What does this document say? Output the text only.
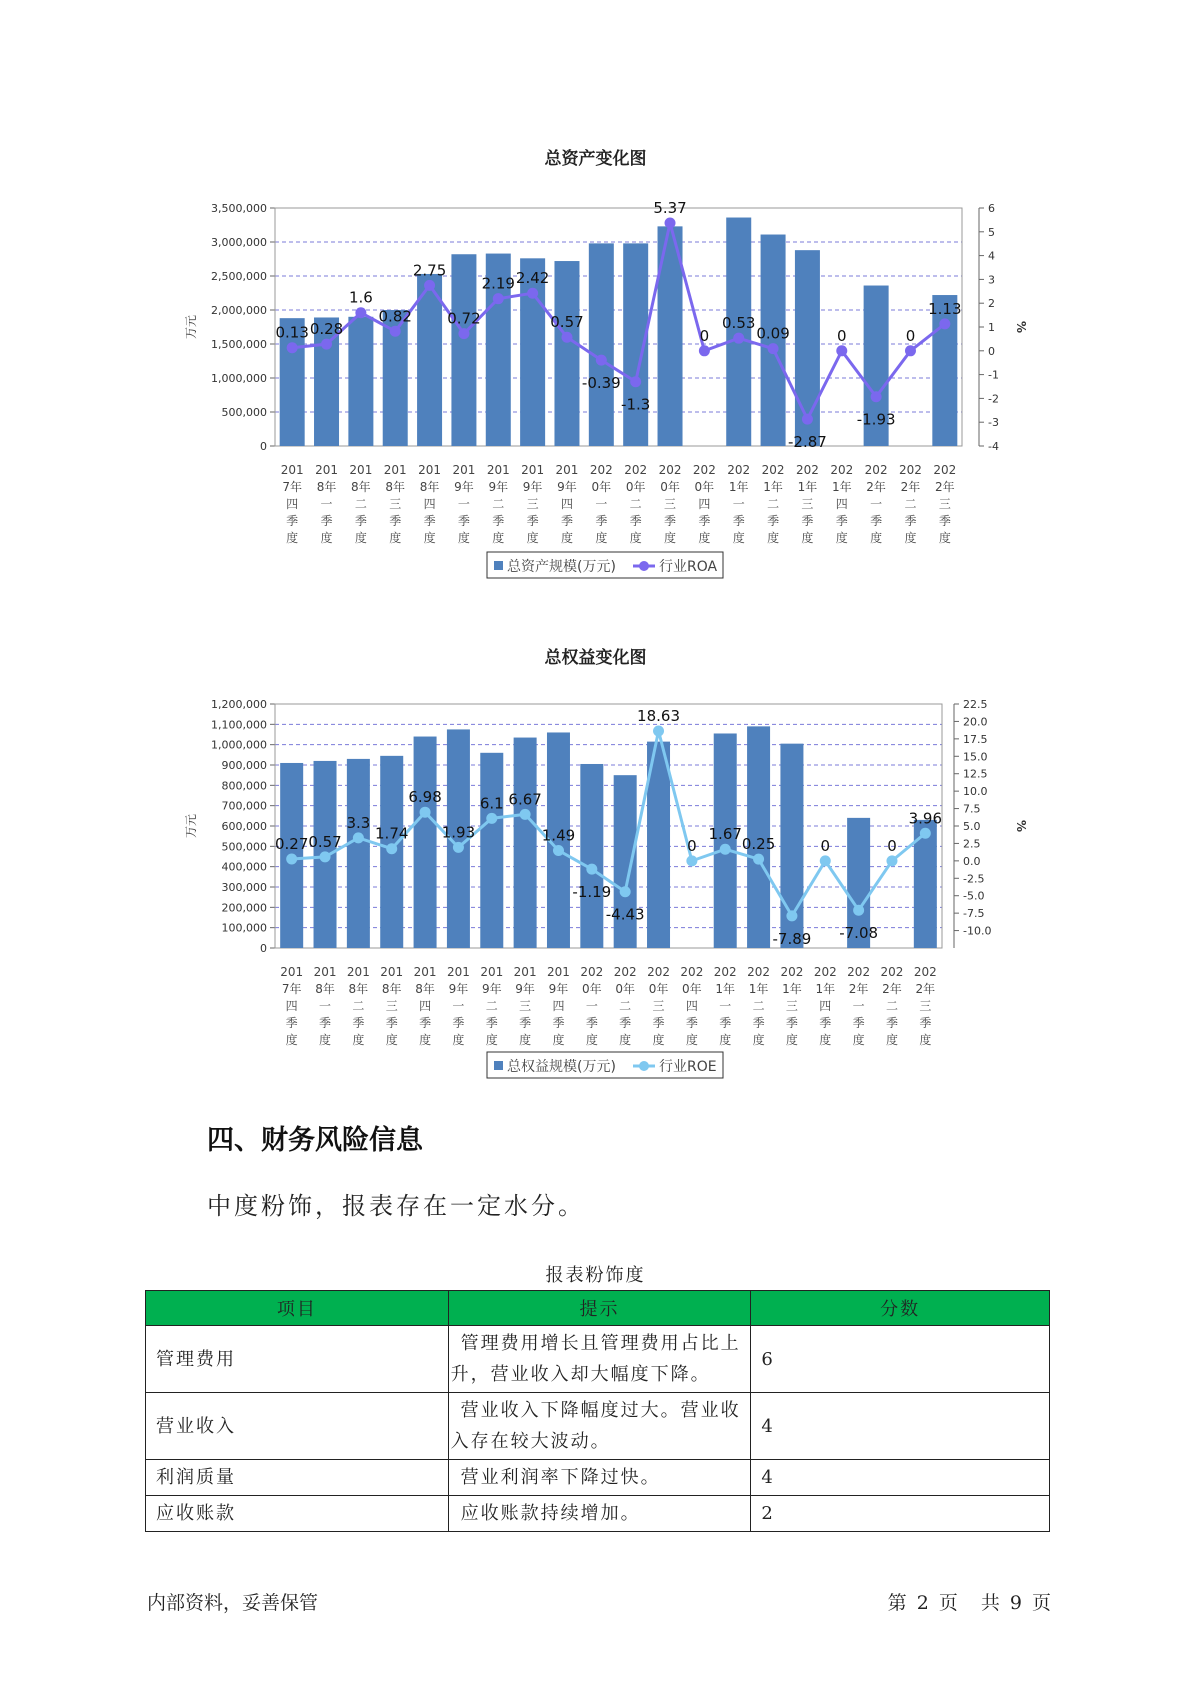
总资产变化图
0
500,000
1,000,000
1,500,000
2,000,000
2,500,000
3,000,000
3,500,000
-4
-3
-2
-1
0
1
2
3
4
5
6
万元	%
201 7年四季度
201 8年一季度
201 8年二季度
201 8年三季度
201 8年四季度
201 9年一季度
201 9年二季度
201 9年三季度
201 9年四季度
202 0年一季度
202 0年二季度
202 0年三季度
202 0年四季度
202 1年一季度
202 1年二季度
202 1年三季度
202 1年四季度
202 2年一季度
202 2年二季度
202 2年三季度
0.13 0.28
1.6
0.82
2.75
0.72
2.19 2.42
0.57
-0.39
-1.3
5.37
0
0.53
0.09
-2.87
0
-1.93
0
1.13
总资产规模(万元)	行业ROA
总权益变化图
0
100,000
200,000
300,000
400,000
500,000
600,000
700,000
800,000
900,000
1,000,000
1,100,000
1,200,000
-10.0
-7.5
-5.0
-2.5
0.0
2.5
5.0
7.5
10.0
12.5
15.0
17.5
20.0
22.5
万元	%
201 7年四季度
201 8年一季度
201 8年二季度
201 8年三季度
201 8年四季度
201 9年一季度
201 9年二季度
201 9年三季度
201 9年四季度
202 0年一季度
202 0年二季度
202 0年三季度
202 0年四季度
202 1年一季度
202 1年二季度
202 1年三季度
202 1年四季度
202 2年一季度
202 2年二季度
202 2年三季度
0.27 0.57
3.3
1.74
6.98
1.93
6.1 6.67
1.49
-1.19
-4.43
18.63
0
1.67
0.25
-7.89
0
-7.08
0
3.96
总权益规模(万元)	行业ROE
四、财务风险信息

中度粉饰，报表存在一定水分。

报表粉饰度
项目	提示	分数
管理费用	管理费用增长且管理费用占比上升，营业收入却大幅度下降。	6
营业收入	营业收入下降幅度过大。营业收入存在较大波动。	4
利润质量	营业利润率下降过快。	4
应收账款	应收账款持续增加。	2
内部资料，妥善保管	第 2 页　共 9 页
